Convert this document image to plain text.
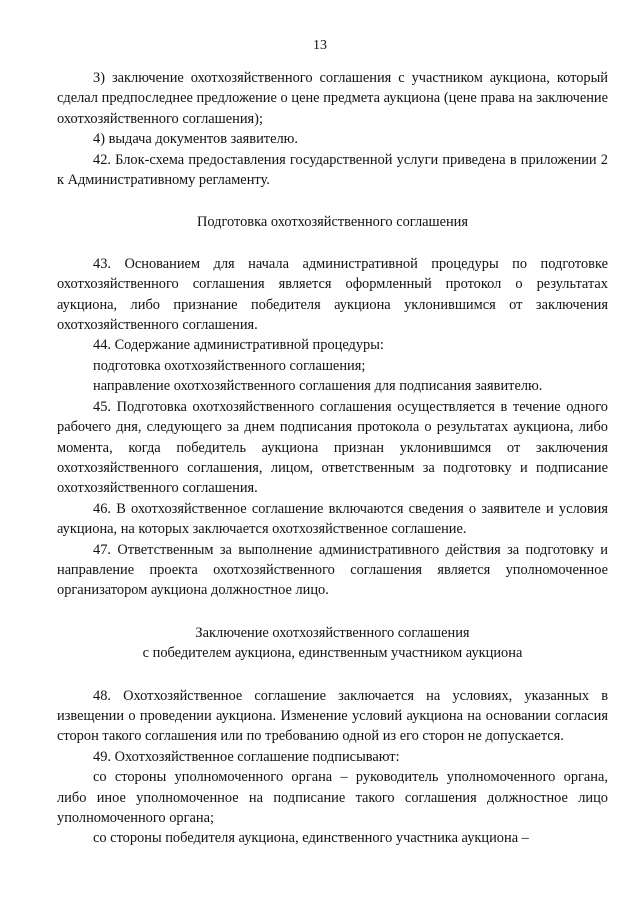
13

3) заключение охотхозяйственного соглашения с участником аукциона, который сделал предпоследнее предложение о цене предмета аукциона (цене права на заключение охотхозяйственного соглашения);

4) выдача документов заявителю.

42. Блок-схема предоставления государственной услуги приведена в приложении 2 к Административному регламенту.

Подготовка охотхозяйственного соглашения

43. Основанием для начала административной процедуры по подготовке охотхозяйственного соглашения является оформленный протокол о результатах аукциона, либо признание победителя аукциона уклонившимся от заключения охотхозяйственного соглашения.

44. Содержание административной процедуры:

подготовка охотхозяйственного соглашения;

направление охотхозяйственного соглашения для подписания заявителю.

45. Подготовка охотхозяйственного соглашения осуществляется в течение одного рабочего дня, следующего за днем подписания протокола о результатах аукциона, либо момента, когда победитель аукциона признан уклонившимся от заключения охотхозяйственного соглашения, лицом, ответственным за подготовку и подписание охотхозяйственного соглашения.

46. В охотхозяйственное соглашение включаются сведения о заявителе и условия аукциона, на которых заключается охотхозяйственное соглашение.

47. Ответственным за выполнение административного действия за подготовку и направление проекта охотхозяйственного соглашения является уполномоченное организатором аукциона должностное лицо.

Заключение охотхозяйственного соглашения
с победителем аукциона, единственным участником аукциона

48. Охотхозяйственное соглашение заключается на условиях, указанных в извещении о проведении аукциона. Изменение условий аукциона на основании согласия сторон такого соглашения или по требованию одной из его сторон не допускается.

49. Охотхозяйственное соглашение подписывают:

со стороны уполномоченного органа – руководитель уполномоченного органа, либо иное уполномоченное на подписание такого соглашения должностное лицо уполномоченного органа;

со стороны победителя аукциона, единственного участника аукциона –
